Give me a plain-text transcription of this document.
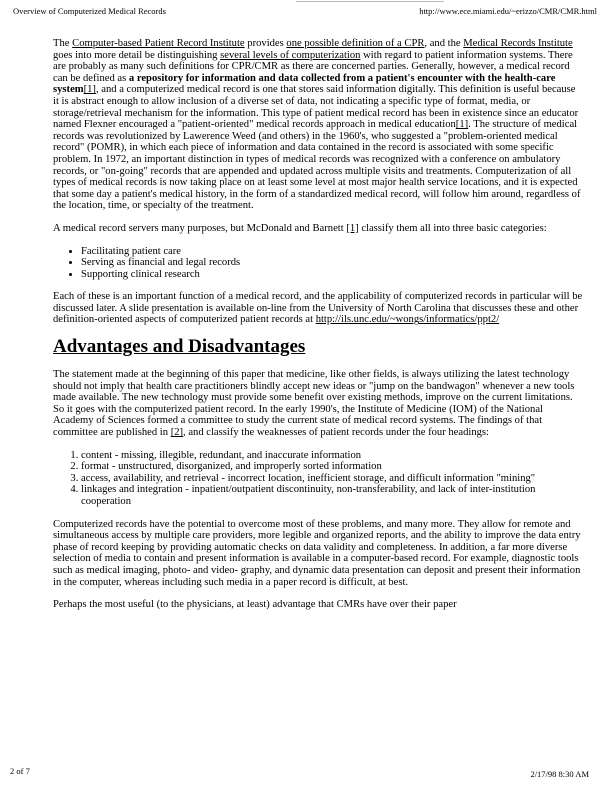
Overview of Computerized Medical Records	http://www.ece.miami.edu/~erizzo/CMR/CMR.html

The Computer-based Patient Record Institute provides one possible definition of a CPR, and the Medical Records Institute goes into more detail be distinguishing several levels of computerization with regard to patient information systems. There are probably as many such definitions for CPR/CMR as there are concerned parties. Generally, however, a medical record can be defined as a repository for information and data collected from a patient's encounter with the health-care system[1], and a computerized medical record is one that stores said information digitally. This definition is useful because it is abstract enough to allow inclusion of a diverse set of data, not indicating a specific type of format, media, or storage/retrieval mechanism for the information. This type of patient medical record has been in existence since an educator named Flexner encouraged a "patient-oriented" medical records approach in medical education[1]. The structure of medical records was revolutionized by Lawerence Weed (and others) in the 1960's, who suggested a "problem-oriented medical record" (POMR), in which each piece of information and data contained in the record is associated with some specific problem. In 1972, an important distinction in types of medical records was recognized with a conference on ambulatory records, or "on-going" records that are appended and updated across multiple visits and treatments. Computerization of all types of medical records is now taking place on at least some level at most major health service locations, and it is expected that some day a patient's medical history, in the form of a standardized medical record, will follow him around, regardless of the location, time, or specialty of the treatment.

A medical record servers many purposes, but McDonald and Barnett [1] classify them all into three basic categories:

• Facilitating patient care
• Serving as financial and legal records
• Supporting clinical research

Each of these is an important function of a medical record, and the applicability of computerized records in particular will be discussed later. A slide presentation is available on-line from the University of North Carolina that discusses these and other definition-oriented aspects of computerized patient records at http://ils.unc.edu/~wongs/informatics/ppt2/

Advantages and Disadvantages

The statement made at the beginning of this paper that medicine, like other fields, is always utilizing the latest technology should not imply that health care practitioners blindly accept new ideas or "jump on the bandwagon" whenever a new tools made available. The new technology must provide some benefit over existing methods, improve on the current limitations. So it goes with the computerized patient record. In the early 1990's, the Institute of Medicine (IOM) of the National Academy of Sciences formed a committee to study the current state of medical record systems. The findings of that committee are published in [2], and classify the weaknesses of patient records under the four headings:

1. content - missing, illegible, redundant, and inaccurate information
2. format - unstructured, disorganized, and improperly sorted information
3. access, availability, and retrieval - incorrect location, inefficient storage, and difficult information "mining"
4. linkages and integration - inpatient/outpatient discontinuity, non-transferability, and lack of inter-institution cooperation

Computerized records have the potential to overcome most of these problems, and many more. They allow for remote and simultaneous access by multiple care providers, more legible and organized reports, and the ability to improve the data entry phase of record keeping by providing automatic checks on data validity and completeness. In addition, a far more diverse selection of media to contain and present information is available in a computer-based record. For example, diagnostic tools such as medical imaging, photo- and video- graphy, and dynamic data presentation can deposit and present their information in the computer, whereas including such media in a paper record is difficult, at best.

Perhaps the most useful (to the physicians, at least) advantage that CMRs have over their paper

2 of 7	2/17/98 8:30 AM
